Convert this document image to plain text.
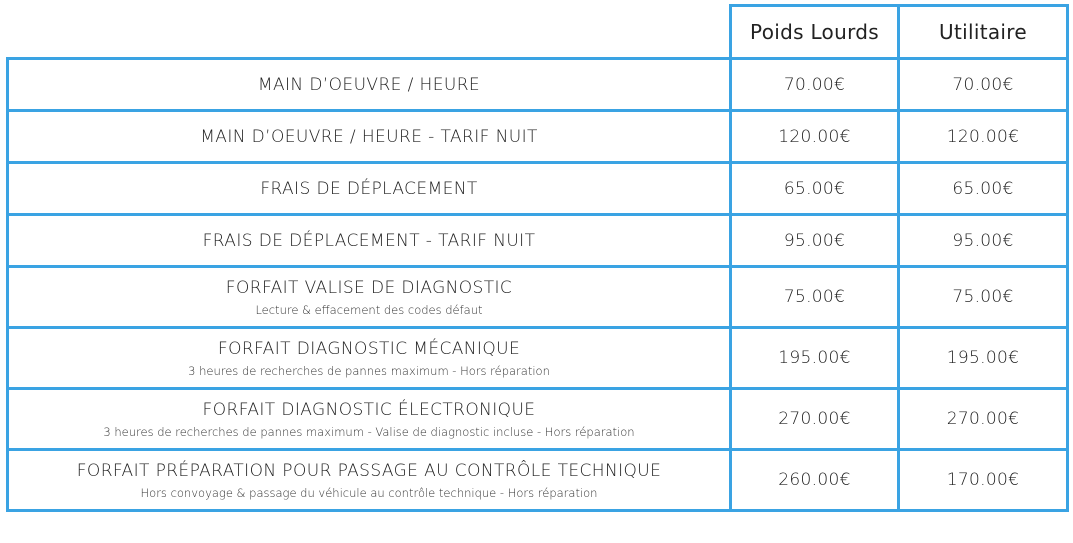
	Poids Lourds	Utilitaire

MAIN D’OEUVRE / HEURE	70.00€	70.00€

MAIN D’OEUVRE / HEURE - TARIF NUIT	120.00€	120.00€

FRAIS DE DÉPLACEMENT	65.00€	65.00€

FRAIS DE DÉPLACEMENT - TARIF NUIT	95.00€	95.00€

FORFAIT VALISE DE DIAGNOSTIC
Lecture & effacement des codes défaut	75.00€	75.00€

FORFAIT DIAGNOSTIC MÉCANIQUE
3 heures de recherches de pannes maximum - Hors réparation	195.00€	195.00€

FORFAIT DIAGNOSTIC ÉLECTRONIQUE
3 heures de recherches de pannes maximum - Valise de diagnostic incluse - Hors réparation	270.00€	270.00€

FORFAIT PRÉPARATION POUR PASSAGE AU CONTRÔLE TECHNIQUE
Hors convoyage & passage du véhicule au contrôle technique - Hors réparation	260.00€	170.00€
